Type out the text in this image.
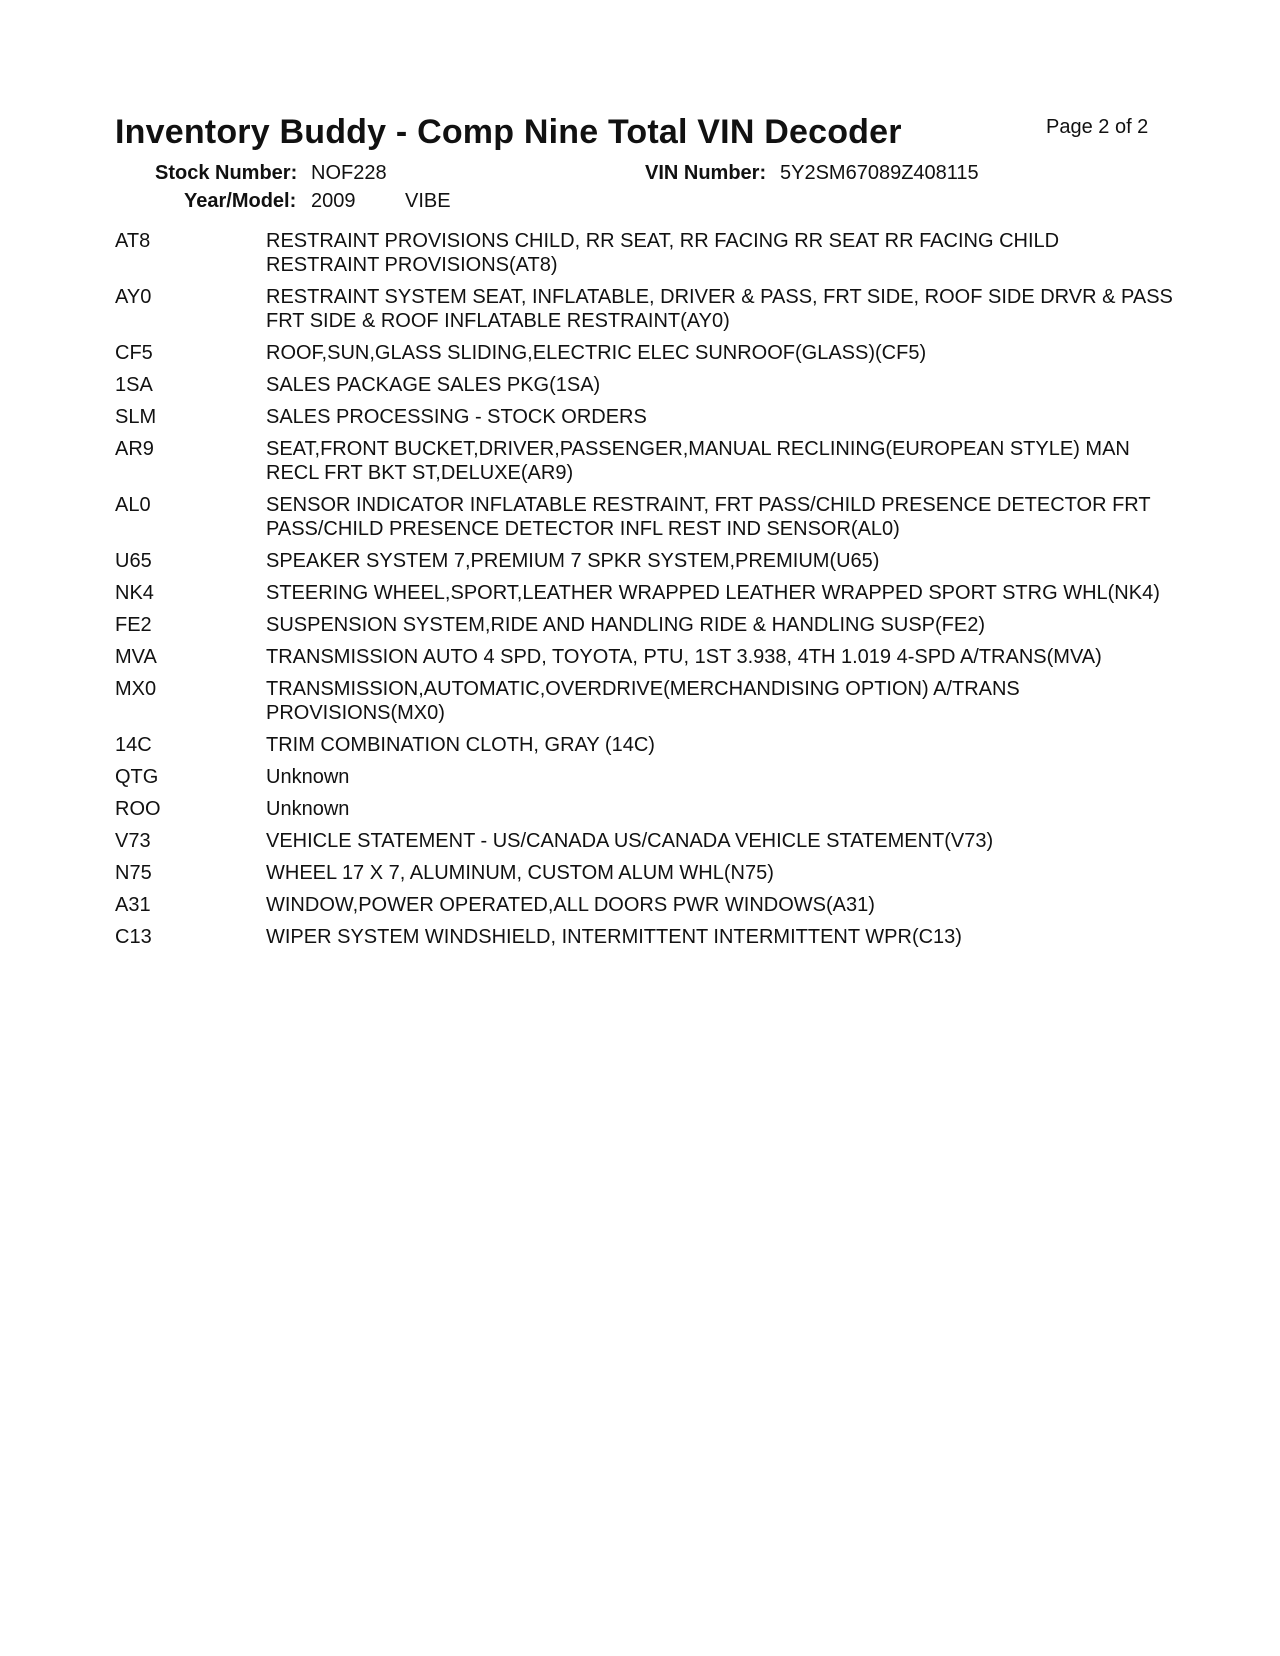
Inventory Buddy - Comp Nine Total VIN Decoder	Page 2 of 2
Stock Number: NOF228	VIN Number: 5Y2SM67089Z408115
Year/Model: 2009 VIBE
AT8	RESTRAINT PROVISIONS CHILD, RR SEAT, RR FACING RR SEAT RR FACING CHILD RESTRAINT PROVISIONS(AT8)
AY0	RESTRAINT SYSTEM SEAT, INFLATABLE, DRIVER & PASS, FRT SIDE, ROOF SIDE DRVR & PASS FRT SIDE & ROOF INFLATABLE RESTRAINT(AY0)
CF5	ROOF,SUN,GLASS SLIDING,ELECTRIC ELEC SUNROOF(GLASS)(CF5)
1SA	SALES PACKAGE SALES PKG(1SA)
SLM	SALES PROCESSING - STOCK ORDERS
AR9	SEAT,FRONT BUCKET,DRIVER,PASSENGER,MANUAL RECLINING(EUROPEAN STYLE) MAN RECL FRT BKT ST,DELUXE(AR9)
AL0	SENSOR INDICATOR INFLATABLE RESTRAINT, FRT PASS/CHILD PRESENCE DETECTOR FRT PASS/CHILD PRESENCE DETECTOR INFL REST IND SENSOR(AL0)
U65	SPEAKER SYSTEM 7,PREMIUM 7 SPKR SYSTEM,PREMIUM(U65)
NK4	STEERING WHEEL,SPORT,LEATHER WRAPPED LEATHER WRAPPED SPORT STRG WHL(NK4)
FE2	SUSPENSION SYSTEM,RIDE AND HANDLING RIDE & HANDLING SUSP(FE2)
MVA	TRANSMISSION AUTO 4 SPD, TOYOTA, PTU, 1ST 3.938, 4TH 1.019 4-SPD A/TRANS(MVA)
MX0	TRANSMISSION,AUTOMATIC,OVERDRIVE(MERCHANDISING OPTION) A/TRANS PROVISIONS(MX0)
14C	TRIM COMBINATION CLOTH, GRAY (14C)
QTG	Unknown
ROO	Unknown
V73	VEHICLE STATEMENT - US/CANADA US/CANADA VEHICLE STATEMENT(V73)
N75	WHEEL 17 X 7, ALUMINUM, CUSTOM ALUM WHL(N75)
A31	WINDOW,POWER OPERATED,ALL DOORS PWR WINDOWS(A31)
C13	WIPER SYSTEM WINDSHIELD, INTERMITTENT INTERMITTENT WPR(C13)
